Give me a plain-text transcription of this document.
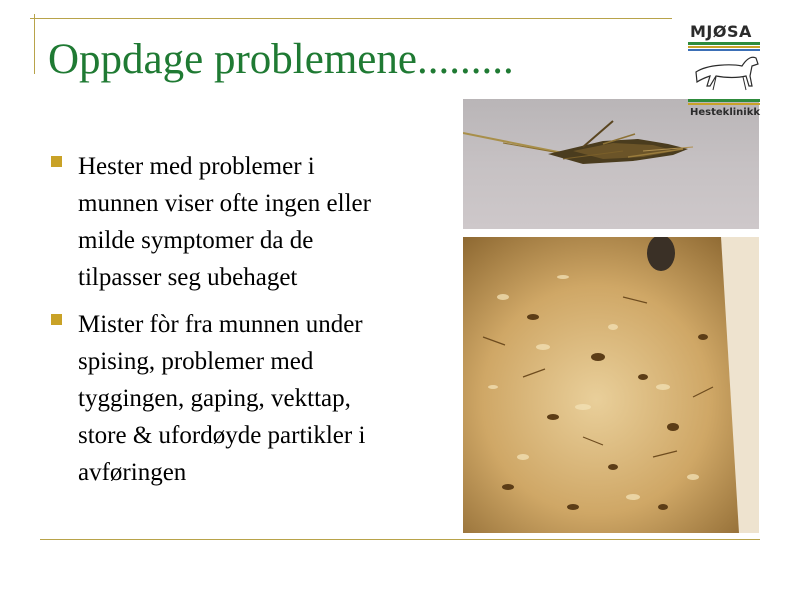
Oppdage problemene.........
Hester med problemer i munnen viser ofte ingen eller milde symptomer da de tilpasser seg ubehaget
Mister fòr fra munnen under spising, problemer med tyggingen, gaping, vekttap, store & ufordøyde partikler i avføringen
MJØSA
Hesteklinikk
